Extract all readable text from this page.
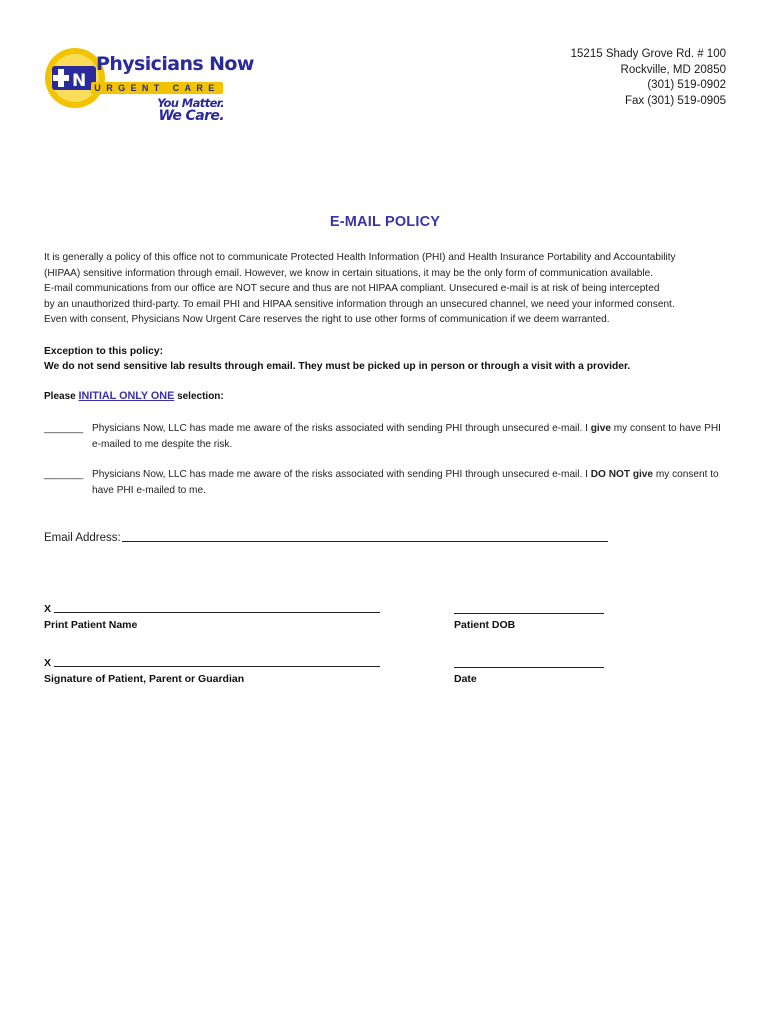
N
Physicians Now
URGENT CARE
You Matter.
We Care.
15215 Shady Grove Rd. # 100
Rockville, MD 20850
(301) 519-0902
Fax (301) 519-0905
E-MAIL POLICY
It is generally a policy of this office not to communicate Protected Health Information (PHI) and Health Insurance Portability and Accountability
(HIPAA) sensitive information through email. However, we know in certain situations, it may be the only form of communication available.
E-mail communications from our office are NOT secure and thus are not HIPAA compliant. Unsecured e-mail is at risk of being intercepted
by an unauthorized third-party. To email PHI and HIPAA sensitive information through an unsecured channel, we need your informed consent.
Even with consent, Physicians Now Urgent Care reserves the right to use other forms of communication if we deem warranted.
Exception to this policy:
We do not send sensitive lab results through email. They must be picked up in person or through a visit with a provider.
Please INITIAL ONLY ONE selection:
_______ Physicians Now, LLC has made me aware of the risks associated with sending PHI through unsecured e-mail. I give my consent to have PHI
e-mailed to me despite the risk.
_______ Physicians Now, LLC has made me aware of the risks associated with sending PHI through unsecured e-mail. I DO NOT give my consent to
have PHI e-mailed to me.
Email Address:
X
Print Patient Name	Patient DOB
X
Signature of Patient, Parent or Guardian	Date
